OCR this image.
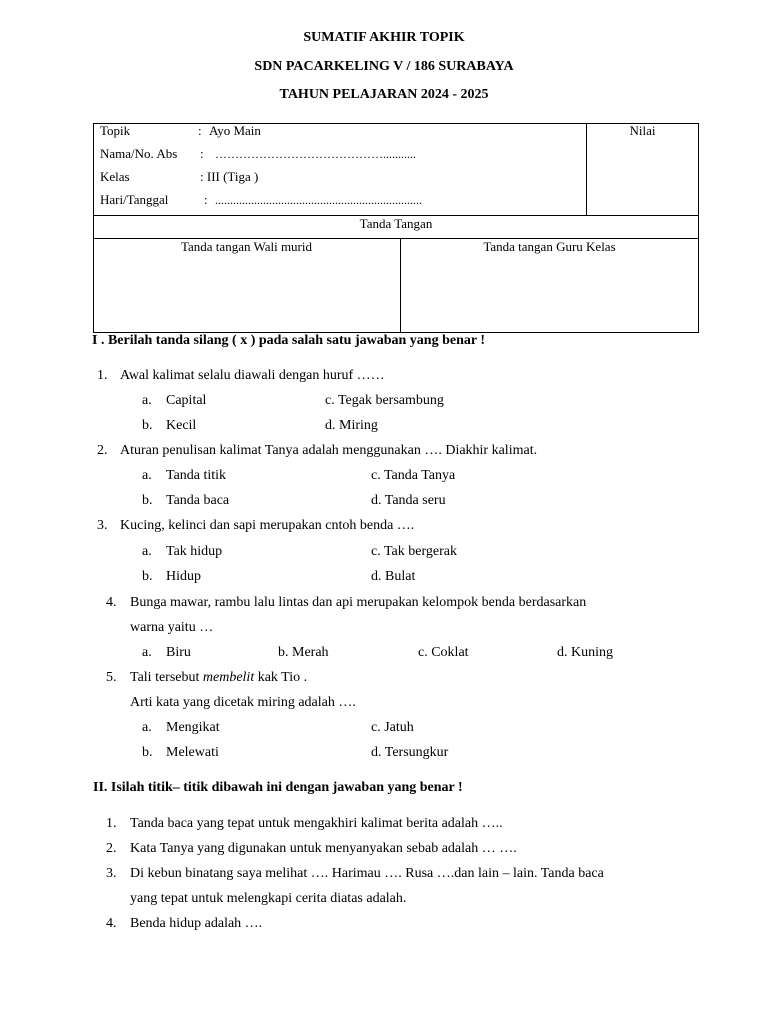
SUMATIF AKHIR TOPIK
SDN PACARKELING V / 186 SURABAYA
TAHUN PELAJARAN 2024 - 2025
Topik	: Ayo Main
Nama/No. Abs : ……………………………………...........
Kelas	: III (Tiga )
Hari/Tanggal	: .....................................................................
Nilai
Tanda Tangan
Tanda tangan Wali murid	Tanda tangan Guru Kelas
I . Berilah tanda silang ( x ) pada salah satu jawaban yang benar !
1. Awal kalimat selalu diawali dengan huruf ……
a. Capital	c. Tegak bersambung
b. Kecil	d. Miring
2. Aturan penulisan kalimat Tanya adalah menggunakan …. Diakhir kalimat.
a. Tanda titik	c. Tanda Tanya
b. Tanda baca	d. Tanda seru
3. Kucing, kelinci dan sapi merupakan cntoh benda ….
a. Tak hidup	c. Tak bergerak
b. Hidup	d. Bulat
4. Bunga mawar, rambu lalu lintas dan api merupakan kelompok benda berdasarkan
warna yaitu …
a. Biru	b. Merah	c. Coklat	d. Kuning
5. Tali tersebut membelit kak Tio .
Arti kata yang dicetak miring adalah ….
a. Mengikat	c. Jatuh
b. Melewati	d. Tersungkur
II. Isilah titik– titik dibawah ini dengan jawaban yang benar !
1. Tanda baca yang tepat untuk mengakhiri kalimat berita adalah …..
2. Kata Tanya yang digunakan untuk menyanyakan sebab adalah … ….
3. Di kebun binatang saya melihat …. Harimau …. Rusa ….dan lain – lain. Tanda baca
yang tepat untuk melengkapi cerita diatas adalah.
4. Benda hidup adalah ….
